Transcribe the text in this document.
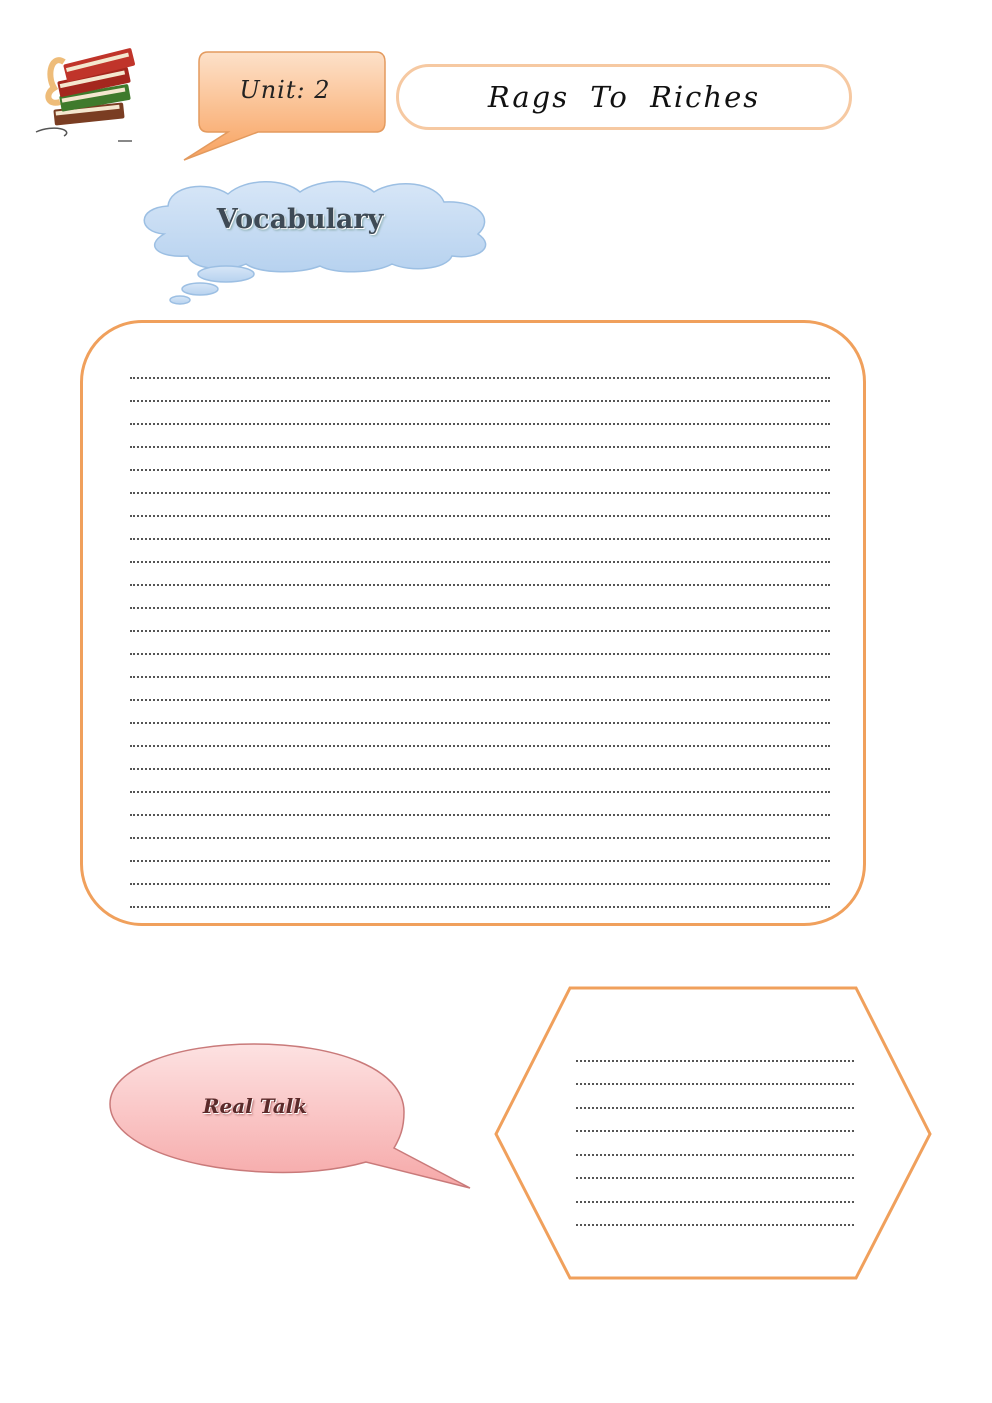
Unit: 2	Rags To Riches

Vocabulary

Real Talk
